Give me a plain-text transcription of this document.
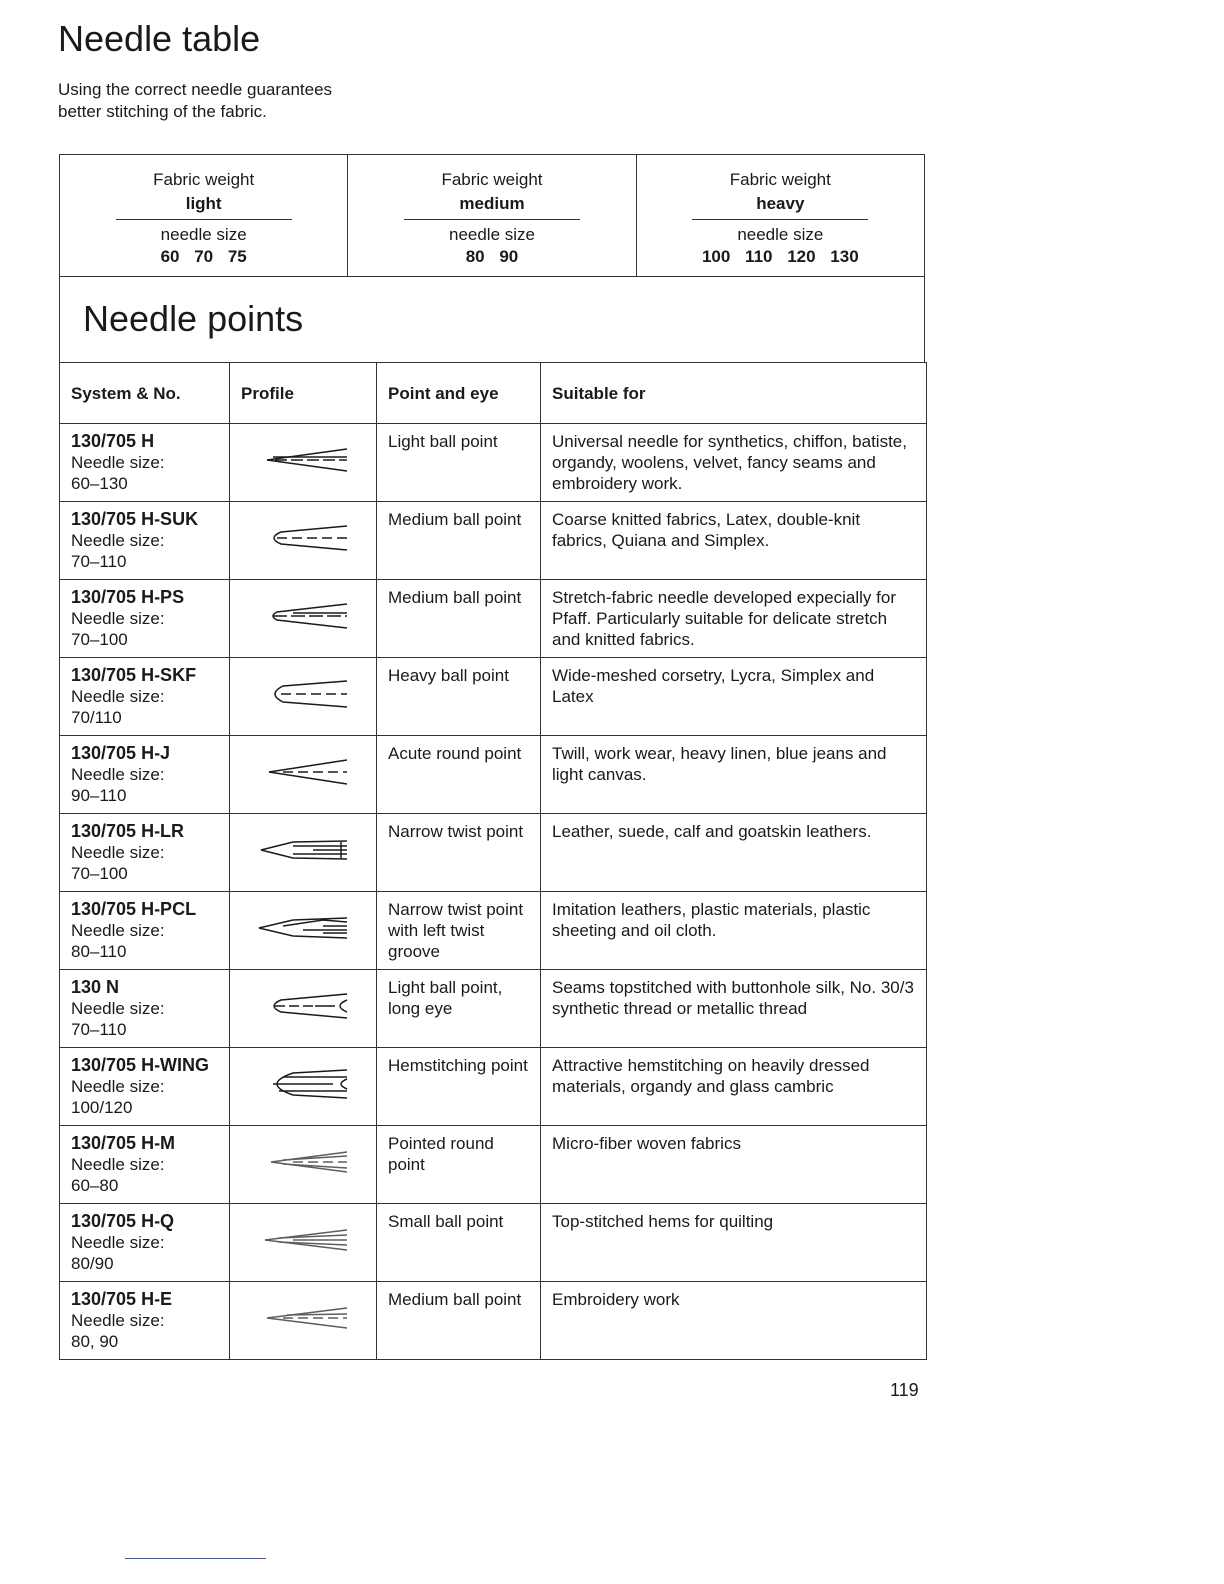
Needle table
Using the correct needle guarantees
better stitching of the fabric.
Fabric weight
light
needle size
60 70 75
Fabric weight
medium
needle size
80 90
Fabric weight
heavy
needle size
100 110 120 130
Needle points
System & No.	Profile	Point and eye	Suitable for

130/705 H
Needle size:
60–130		Light ball point	Universal needle for synthetics, chiffon, batiste, organdy, woolens, velvet, fancy seams and embroidery work.

130/705 H-SUK
Needle size:
70–110		Medium ball point	Coarse knitted fabrics, Latex, double-knit fabrics, Quiana and Simplex.

130/705 H-PS
Needle size:
70–100		Medium ball point	Stretch-fabric needle developed expecially for Pfaff. Particularly suitable for delicate stretch and knitted fabrics.

130/705 H-SKF
Needle size:
70/110		Heavy ball point	Wide-meshed corsetry, Lycra, Simplex and Latex

130/705 H-J
Needle size:
90–110		Acute round point	Twill, work wear, heavy linen, blue jeans and light canvas.

130/705 H-LR
Needle size:
70–100		Narrow twist point	Leather, suede, calf and goatskin leathers.

130/705 H-PCL
Needle size:
80–110		Narrow twist point with left twist groove	Imitation leathers, plastic materials, plastic sheeting and oil cloth.

130 N
Needle size:
70–110		Light ball point, long eye	Seams topstitched with buttonhole silk, No. 30/3 synthetic thread or metallic thread

130/705 H-WING
Needle size:
100/120		Hemstitching point	Attractive hemstitching on heavily dressed materials, organdy and glass cambric

130/705 H-M
Needle size:
60–80		Pointed round point	Micro-fiber woven fabrics

130/705 H-Q
Needle size:
80/90		Small ball point	Top-stitched hems for quilting

130/705 H-E
Needle size:
80, 90		Medium ball point	Embroidery work
119
